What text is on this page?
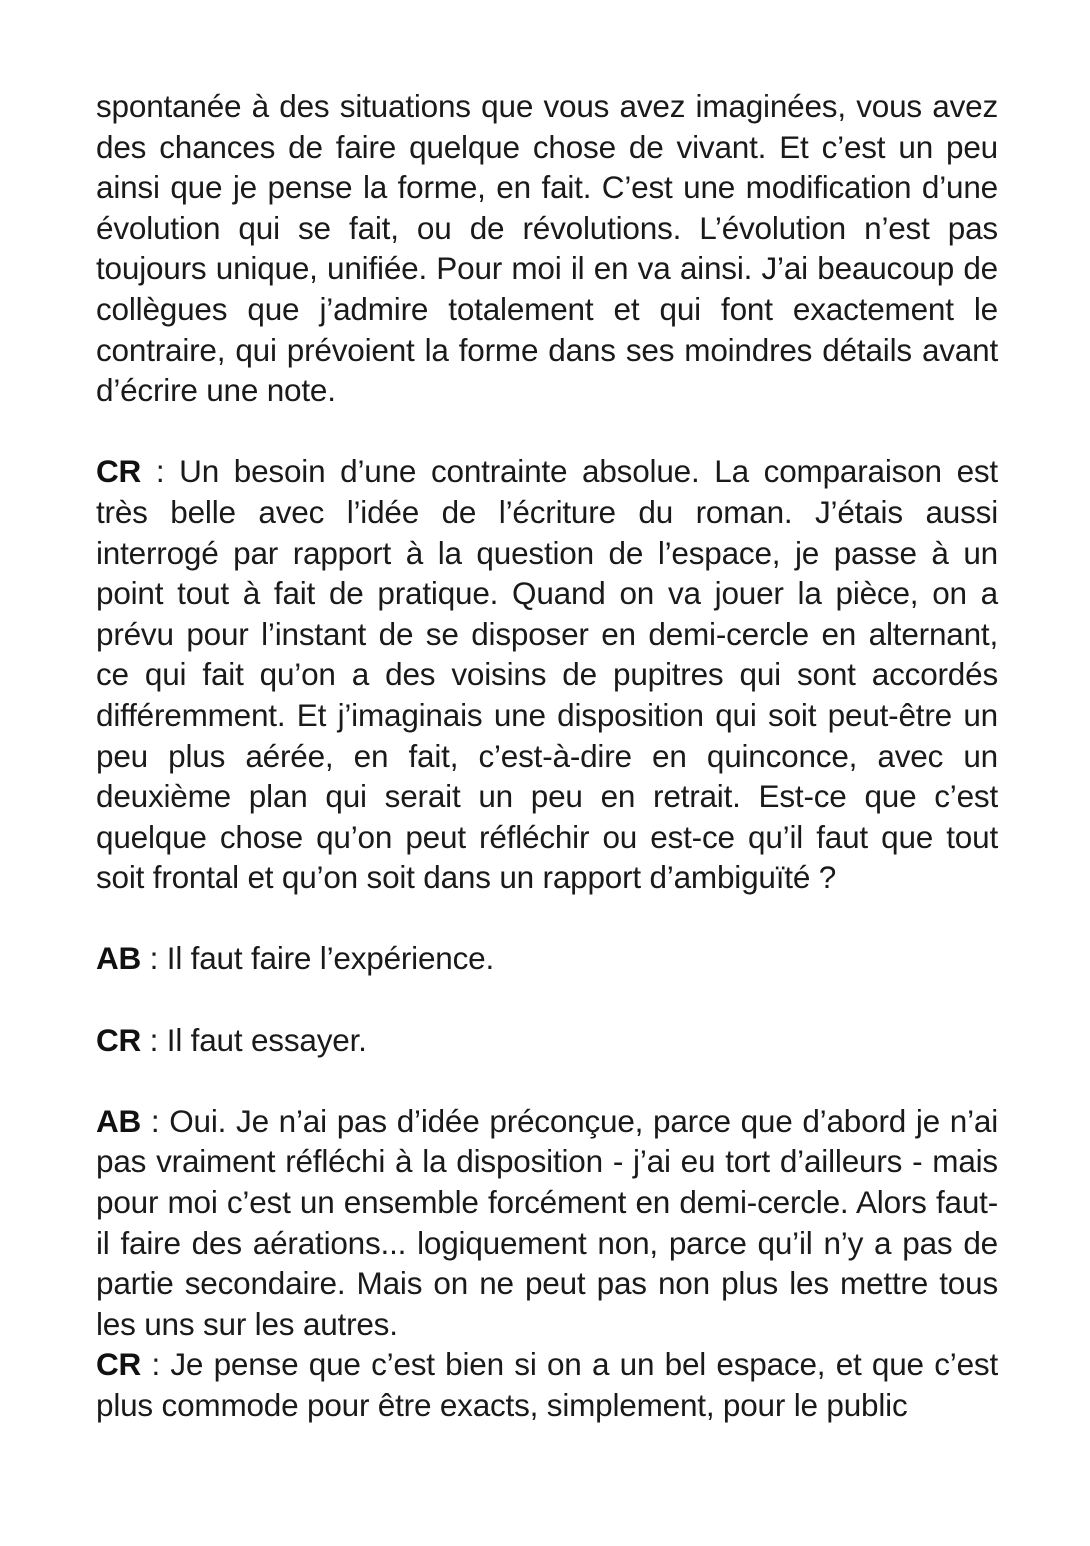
spontanée à des situations que vous avez imaginées, vous avez des chances de faire quelque chose de vivant. Et c’est un peu ainsi que je pense la forme, en fait. C’est une modification d’une évolution qui se fait, ou de révolutions. L’évolution n’est pas toujours unique, unifiée. Pour moi il en va ainsi. J’ai beaucoup de collègues que j’admire totalement et qui font exactement le contraire, qui prévoient la forme dans ses moindres détails avant d’écrire une note.

CR : Un besoin d’une contrainte absolue. La comparaison est très belle avec l’idée de l’écriture du roman. J’étais aussi interrogé par rapport à la question de l’espace, je passe à un point tout à fait de pratique. Quand on va jouer la pièce, on a prévu pour l’instant de se disposer en demi-cercle en alternant, ce qui fait qu’on a des voisins de pupitres qui sont accordés différemment. Et j’imaginais une disposition qui soit peut-être un peu plus aérée, en fait, c’est-à-dire en quinconce, avec un deuxième plan qui serait un peu en retrait. Est-ce que c’est quelque chose qu’on peut réfléchir ou est-ce qu’il faut que tout soit frontal et qu’on soit dans un rapport d’ambiguïté ?

AB : Il faut faire l’expérience.

CR : Il faut essayer.

AB : Oui. Je n’ai pas d’idée préconçue, parce que d’abord je n’ai pas vraiment réfléchi à la disposition - j’ai eu tort d’ailleurs - mais pour moi c’est un ensemble forcément en demi-cercle. Alors faut-il faire des aérations... logiquement non, parce qu’il n’y a pas de partie secondaire. Mais on ne peut pas non plus les mettre tous les uns sur les autres.

CR : Je pense que c’est bien si on a un bel espace, et que c’est plus commode pour être exacts, simplement, pour le public
